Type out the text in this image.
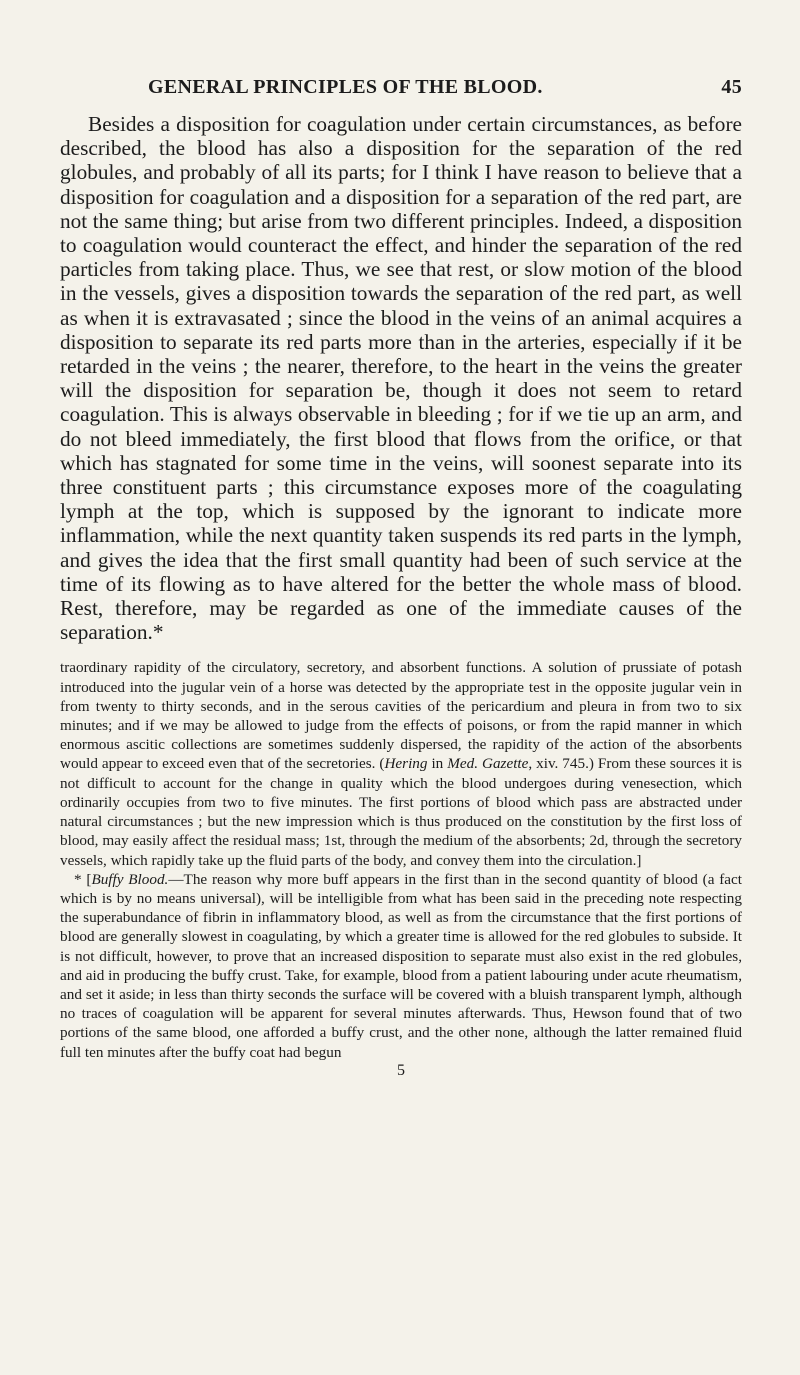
GENERAL PRINCIPLES OF THE BLOOD.	45
Besides a disposition for coagulation under certain circumstances, as before described, the blood has also a disposition for the separation of the red globules, and probably of all its parts; for I think I have reason to believe that a disposition for coagulation and a disposition for a separation of the red part, are not the same thing; but arise from two different principles. Indeed, a disposition to coagulation would counteract the effect, and hinder the separation of the red particles from taking place. Thus, we see that rest, or slow motion of the blood in the vessels, gives a disposition towards the separation of the red part, as well as when it is extravasated ; since the blood in the veins of an animal acquires a disposition to separate its red parts more than in the arteries, especially if it be retarded in the veins ; the nearer, therefore, to the heart in the veins the greater will the disposition for separation be, though it does not seem to retard coagulation. This is always observable in bleeding ; for if we tie up an arm, and do not bleed immediately, the first blood that flows from the orifice, or that which has stagnated for some time in the veins, will soonest separate into its three constituent parts ; this circumstance exposes more of the coagulating lymph at the top, which is supposed by the ignorant to indicate more inflammation, while the next quantity taken suspends its red parts in the lymph, and gives the idea that the first small quantity had been of such service at the time of its flowing as to have altered for the better the whole mass of blood. Rest, therefore, may be regarded as one of the immediate causes of the separation.*

traordinary rapidity of the circulatory, secretory, and absorbent functions. A solution of prussiate of potash introduced into the jugular vein of a horse was detected by the appropriate test in the opposite jugular vein in from twenty to thirty seconds, and in the serous cavities of the pericardium and pleura in from two to six minutes; and if we may be allowed to judge from the effects of poisons, or from the rapid manner in which enormous ascitic collections are sometimes suddenly dispersed, the rapidity of the action of the absorbents would appear to exceed even that of the secretories. (Hering in Med. Gazette, xiv. 745.) From these sources it is not difficult to account for the change in quality which the blood undergoes during venesection, which ordinarily occupies from two to five minutes. The first portions of blood which pass are abstracted under natural circumstances ; but the new impression which is thus produced on the constitution by the first loss of blood, may easily affect the residual mass; 1st, through the medium of the absorbents; 2d, through the secretory vessels, which rapidly take up the fluid parts of the body, and convey them into the circulation.]

* [Buffy Blood.—The reason why more buff appears in the first than in the second quantity of blood (a fact which is by no means universal), will be intelligible from what has been said in the preceding note respecting the superabundance of fibrin in inflammatory blood, as well as from the circumstance that the first portions of blood are generally slowest in coagulating, by which a greater time is allowed for the red globules to subside. It is not difficult, however, to prove that an increased disposition to separate must also exist in the red globules, and aid in producing the buffy crust. Take, for example, blood from a patient labouring under acute rheumatism, and set it aside; in less than thirty seconds the surface will be covered with a bluish transparent lymph, although no traces of coagulation will be apparent for several minutes afterwards. Thus, Hewson found that of two portions of the same blood, one afforded a buffy crust, and the other none, although the latter remained fluid full ten minutes after the buffy coat had begun

5
